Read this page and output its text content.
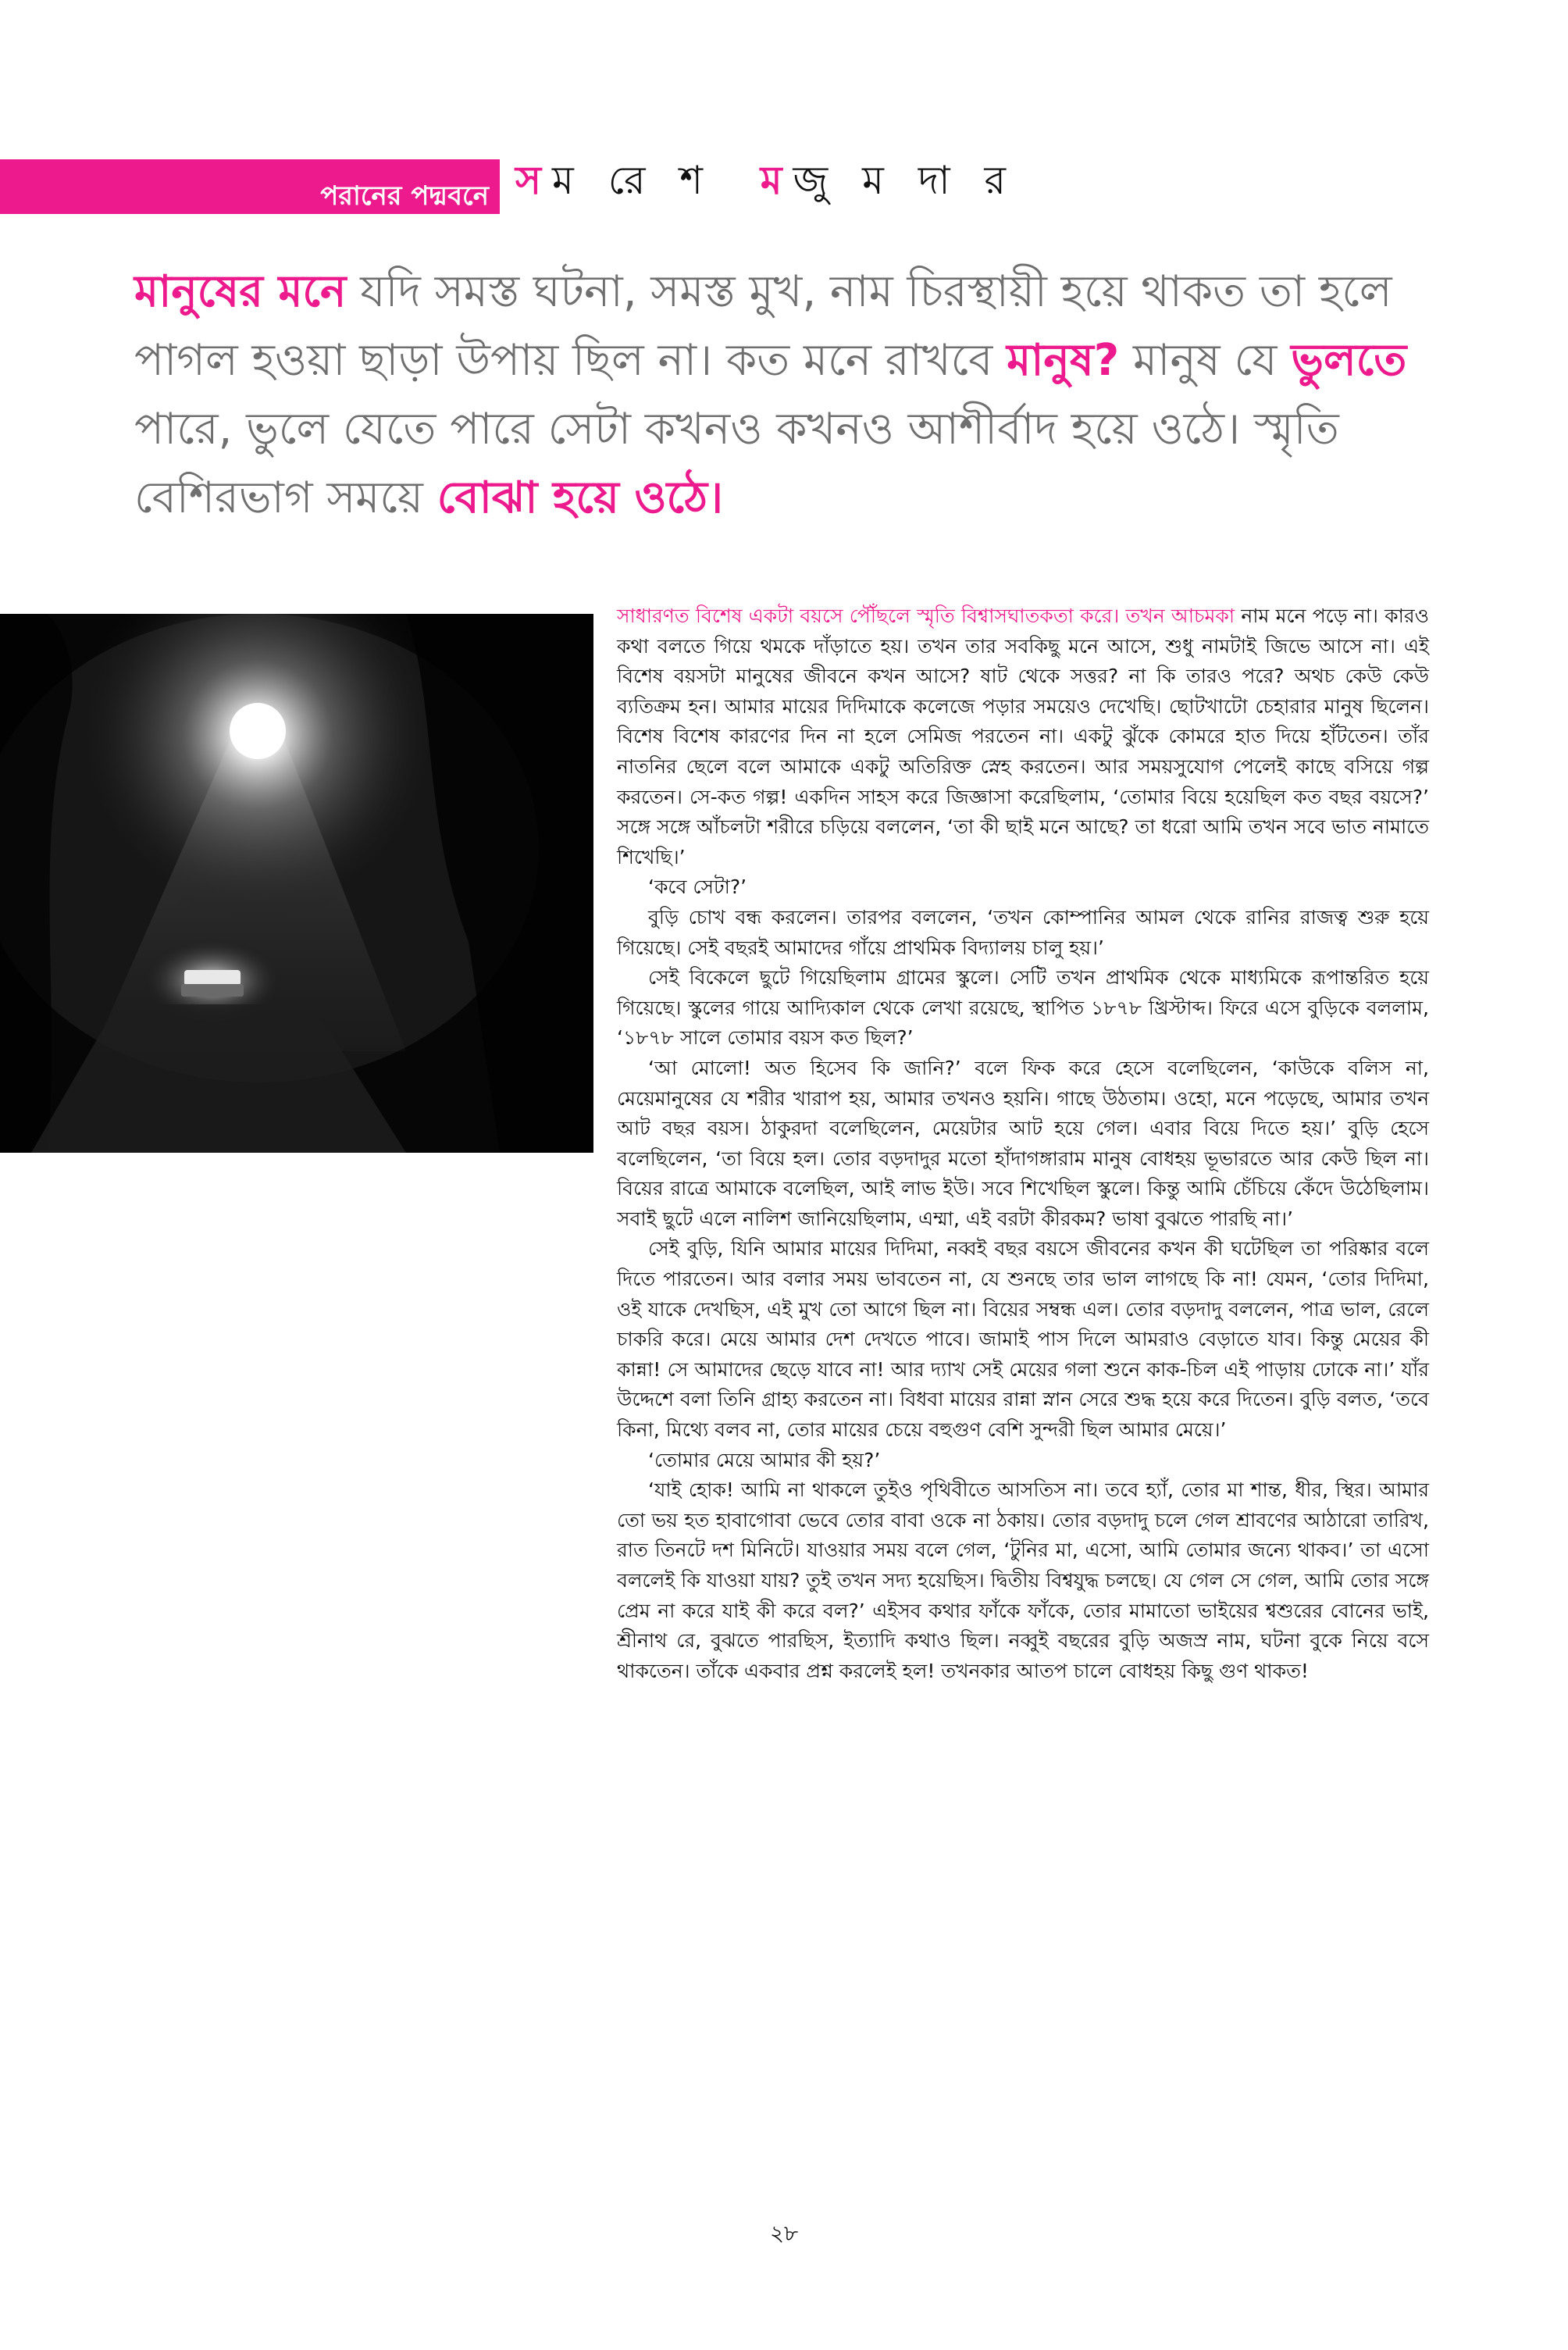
পরানের পদ্মবনে সম রে শ মজু ম দা র

মানুষের মনে যদি সমস্ত ঘটনা, সমস্ত মুখ, নাম চিরস্থায়ী হয়ে থাকত তা হলে পাগল হওয়া ছাড়া উপায় ছিল না। কত মনে রাখবে মানুষ? মানুষ যে ভুলতে পারে, ভুলে যেতে পারে সেটা কখনও কখনও আশীর্বাদ হয়ে ওঠে। স্মৃতি বেশিরভাগ সময়ে বোঝা হয়ে ওঠে।

সাধারণত বিশেষ একটা বয়সে পৌঁছলে স্মৃতি বিশ্বাসঘাতকতা করে। তখন আচমকা নাম মনে পড়ে না। কারও কথা বলতে গিয়ে থমকে দাঁড়াতে হয়। তখন তার সবকিছু মনে আসে, শুধু নামটাই জিভে আসে না। এই বিশেষ বয়সটা মানুষের জীবনে কখন আসে? ষাট থেকে সত্তর? না কি তারও পরে? অথচ কেউ কেউ ব্যতিক্রম হন। আমার মায়ের দিদিমাকে কলেজে পড়ার সময়েও দেখেছি। ছোটখাটো চেহারার মানুষ ছিলেন। বিশেষ বিশেষ কারণের দিন না হলে সেমিজ পরতেন না। একটু ঝুঁকে কোমরে হাত দিয়ে হাঁটতেন। তাঁর নাতনির ছেলে বলে আমাকে একটু অতিরিক্ত স্নেহ করতেন। আর সময়সুযোগ পেলেই কাছে বসিয়ে গল্প করতেন। সে-কত গল্প! একদিন সাহস করে জিজ্ঞাসা করেছিলাম, ‘তোমার বিয়ে হয়েছিল কত বছর বয়সে?’ সঙ্গে সঙ্গে আঁচলটা শরীরে চড়িয়ে বললেন, ‘তা কী ছাই মনে আছে? তা ধরো আমি তখন সবে ভাত নামাতে শিখেছি।’

‘কবে সেটা?’

বুড়ি চোখ বন্ধ করলেন। তারপর বললেন, ‘তখন কোম্পানির আমল থেকে রানির রাজত্ব শুরু হয়ে গিয়েছে। সেই বছরই আমাদের গাঁয়ে প্রাথমিক বিদ্যালয় চালু হয়।’

সেই বিকেলে ছুটে গিয়েছিলাম গ্রামের স্কুলে। সেটি তখন প্রাথমিক থেকে মাধ্যমিকে রূপান্তরিত হয়ে গিয়েছে। স্কুলের গায়ে আদ্যিকাল থেকে লেখা রয়েছে, স্থাপিত ১৮৭৮ খ্রিস্টাব্দ। ফিরে এসে বুড়িকে বললাম, ‘১৮৭৮ সালে তোমার বয়স কত ছিল?’

‘আ মোলো! অত হিসেব কি জানি?’ বলে ফিক করে হেসে বলেছিলেন, ‘কাউকে বলিস না, মেয়েমানুষের যে শরীর খারাপ হয়, আমার তখনও হয়নি। গাছে উঠতাম। ওহো, মনে পড়েছে, আমার তখন আট বছর বয়স। ঠাকুরদা বলেছিলেন, মেয়েটার আট হয়ে গেল। এবার বিয়ে দিতে হয়।’ বুড়ি হেসে বলেছিলেন, ‘তা বিয়ে হল। তোর বড়দাদুর মতো হাঁদাগঙ্গারাম মানুষ বোধহয় ভূভারতে আর কেউ ছিল না। বিয়ের রাত্রে আমাকে বলেছিল, আই লাভ ইউ। সবে শিখেছিল স্কুলে। কিন্তু আমি চেঁচিয়ে কেঁদে উঠেছিলাম। সবাই ছুটে এলে নালিশ জানিয়েছিলাম, এম্মা, এই বরটা কীরকম? ভাষা বুঝতে পারছি না।’

সেই বুড়ি, যিনি আমার মায়ের দিদিমা, নব্বই বছর বয়সে জীবনের কখন কী ঘটেছিল তা পরিষ্কার বলে দিতে পারতেন। আর বলার সময় ভাবতেন না, যে শুনছে তার ভাল লাগছে কি না! যেমন, ‘তোর দিদিমা, ওই যাকে দেখছিস, এই মুখ তো আগে ছিল না। বিয়ের সম্বন্ধ এল। তোর বড়দাদু বললেন, পাত্র ভাল, রেলে চাকরি করে। মেয়ে আমার দেশ দেখতে পাবে। জামাই পাস দিলে আমরাও বেড়াতে যাব। কিন্তু মেয়ের কী কান্না! সে আমাদের ছেড়ে যাবে না! আর দ্যাখ সেই মেয়ের গলা শুনে কাক-চিল এই পাড়ায় ঢোকে না।’ যাঁর উদ্দেশে বলা তিনি গ্রাহ্য করতেন না। বিধবা মায়ের রান্না স্নান সেরে শুদ্ধ হয়ে করে দিতেন। বুড়ি বলত, ‘তবে কিনা, মিথ্যে বলব না, তোর মায়ের চেয়ে বহুগুণ বেশি সুন্দরী ছিল আমার মেয়ে।’

‘তোমার মেয়ে আমার কী হয়?’

‘যাই হোক! আমি না থাকলে তুইও পৃথিবীতে আসতিস না। তবে হ্যাঁ, তোর মা শান্ত, ধীর, স্থির। আমার তো ভয় হত হাবাগোবা ভেবে তোর বাবা ওকে না ঠকায়। তোর বড়দাদু চলে গেল শ্রাবণের আঠারো তারিখ, রাত তিনটে দশ মিনিটে। যাওয়ার সময় বলে গেল, ‘টুনির মা, এসো, আমি তোমার জন্যে থাকব।’ তা এসো বললেই কি যাওয়া যায়? তুই তখন সদ্য হয়েছিস। দ্বিতীয় বিশ্বযুদ্ধ চলছে। যে গেল সে গেল, আমি তোর সঙ্গে প্রেম না করে যাই কী করে বল?’ এইসব কথার ফাঁকে ফাঁকে, তোর মামাতো ভাইয়ের শ্বশুরের বোনের ভাই, শ্রীনাথ রে, বুঝতে পারছিস, ইত্যাদি কথাও ছিল। নব্বুই বছরের বুড়ি অজস্র নাম, ঘটনা বুকে নিয়ে বসে থাকতেন। তাঁকে একবার প্রশ্ন করলেই হল! তখনকার আতপ চালে বোধহয় কিছু গুণ থাকত!

২৮
